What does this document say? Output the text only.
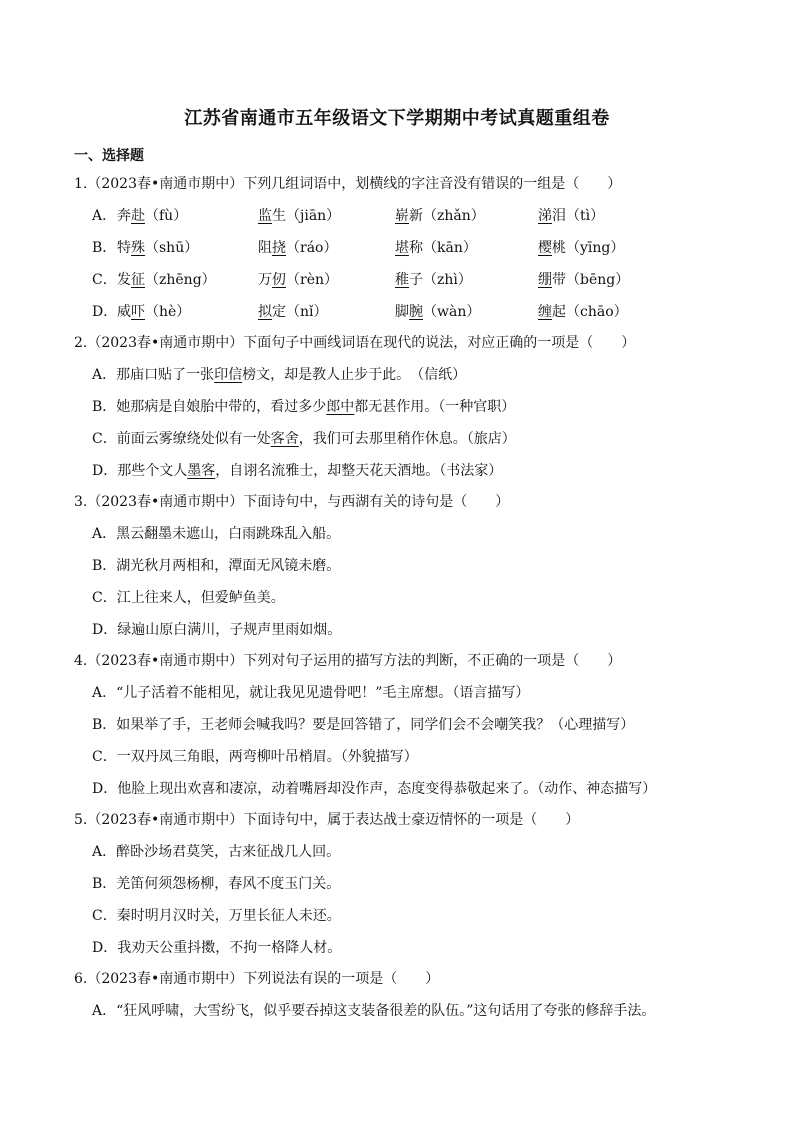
江苏省南通市五年级语文下学期期中考试真题重组卷
一、选择题
1.（2023春•南通市期中）下列几组词语中，划横线的字注音没有错误的一组是（　　）
A． 奔赴（fù）	监生（jiān）	崭新（zhǎn）	涕泪（tì）
B． 特殊（shū）	阻挠（ráo）	堪称（kān）	樱桃（yīng）
C． 发征（zhēng）	万仞（rèn）	稚子（zhì）	绷带（bēng）
D． 威吓（hè）	拟定（nǐ）	脚腕（wàn）	缠起（chāo）
2.（2023春•南通市期中）下面句子中画线词语在现代的说法，对应正确的一项是（　　）
A．那庙口贴了一张印信榜文，却是教人止步于此。　（信纸）
B．她那病是自娘胎中带的，看过多少郎中都无甚作用。（一种官职）
C．前面云雾缭绕处似有一处客舍，我们可去那里稍作休息。（旅店）
D．那些个文人墨客，自诩名流雅士，却整天花天酒地。（书法家）
3.（2023春•南通市期中）下面诗句中，与西湖有关的诗句是（　　）
A．黑云翻墨未遮山，白雨跳珠乱入船。
B．湖光秋月两相和，潭面无风镜未磨。
C．江上往来人，但爱鲈鱼美。
D．绿遍山原白满川，子规声里雨如烟。
4.（2023春•南通市期中）下列对句子运用的描写方法的判断，不正确的一项是（　　）
A．“儿子活着不能相见，就让我见见遗骨吧！”毛主席想。（语言描写）
B．如果举了手，王老师会喊我吗？要是回答错了，同学们会不会嘲笑我？（心理描写）
C．一双丹凤三角眼，两弯柳叶吊梢眉。（外貌描写）
D．他脸上现出欢喜和凄凉，动着嘴唇却没作声，态度变得恭敬起来了。（动作、神态描写）
5.（2023春•南通市期中）下面诗句中，属于表达战士豪迈情怀的一项是（　　）
A．醉卧沙场君莫笑，古来征战几人回。
B．羌笛何须怨杨柳，春风不度玉门关。
C．秦时明月汉时关，万里长征人未还。
D．我劝天公重抖擞，不拘一格降人材。
6.（2023春•南通市期中）下列说法有误的一项是（　　）
A．“狂风呼啸，大雪纷飞，似乎要吞掉这支装备很差的队伍。”这句话用了夸张的修辞手法。
